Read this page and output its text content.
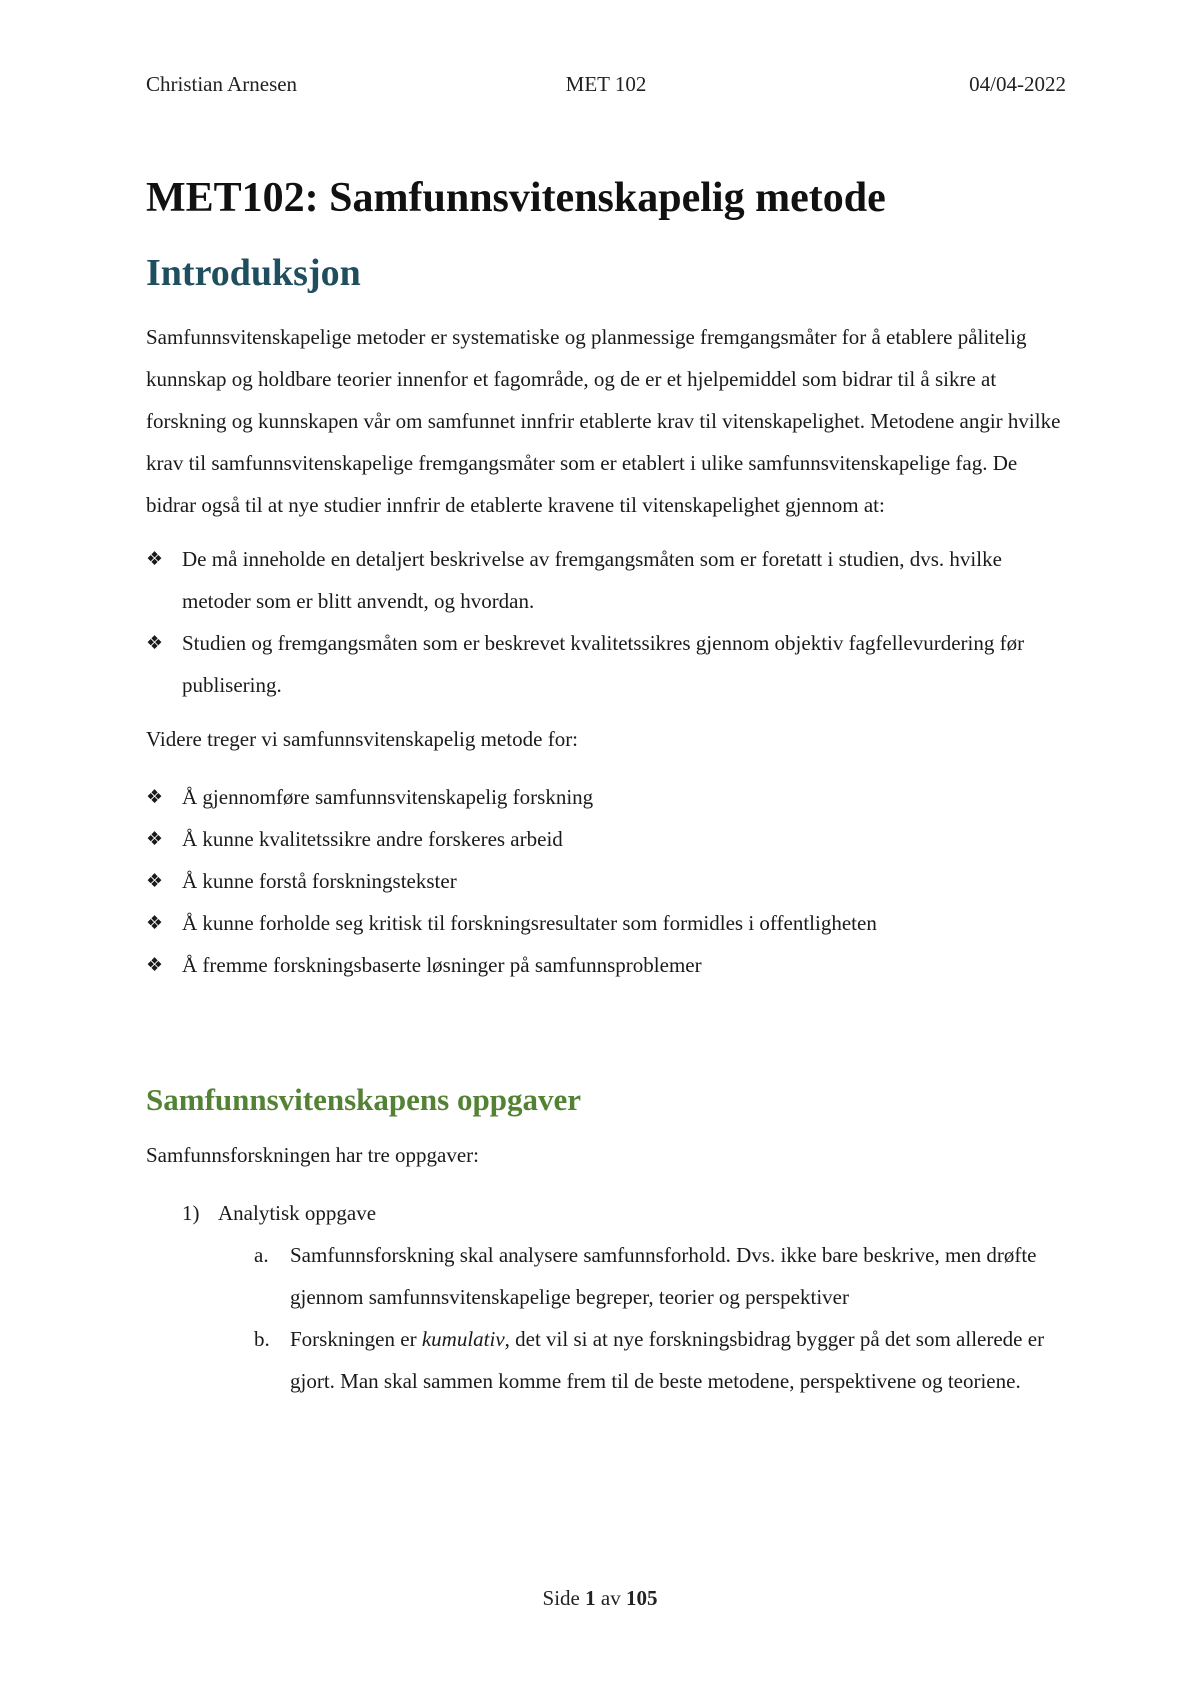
Christian Arnesen	MET 102	04/04-2022
MET102: Samfunnsvitenskapelig metode
Introduksjon

Samfunnsvitenskapelige metoder er systematiske og planmessige fremgangsmåter for å etablere pålitelig kunnskap og holdbare teorier innenfor et fagområde, og de er et hjelpemiddel som bidrar til å sikre at forskning og kunnskapen vår om samfunnet innfrir etablerte krav til vitenskapelighet. Metodene angir hvilke krav til samfunnsvitenskapelige fremgangsmåter som er etablert i ulike samfunnsvitenskapelige fag. De bidrar også til at nye studier innfrir de etablerte kravene til vitenskapelighet gjennom at:

❖ De må inneholde en detaljert beskrivelse av fremgangsmåten som er foretatt i studien, dvs. hvilke metoder som er blitt anvendt, og hvordan.
❖ Studien og fremgangsmåten som er beskrevet kvalitetssikres gjennom objektiv fagfellevurdering før publisering.

Videre treger vi samfunnsvitenskapelig metode for:

❖ Å gjennomføre samfunnsvitenskapelig forskning
❖ Å kunne kvalitetssikre andre forskeres arbeid
❖ Å kunne forstå forskningstekster
❖ Å kunne forholde seg kritisk til forskningsresultater som formidles i offentligheten
❖ Å fremme forskningsbaserte løsninger på samfunnsproblemer
Samfunnsvitenskapens oppgaver

Samfunnsforskningen har tre oppgaver:

1) Analytisk oppgave
a. Samfunnsforskning skal analysere samfunnsforhold. Dvs. ikke bare beskrive, men drøfte gjennom samfunnsvitenskapelige begreper, teorier og perspektiver
b. Forskningen er kumulativ, det vil si at nye forskningsbidrag bygger på det som allerede er gjort. Man skal sammen komme frem til de beste metodene, perspektivene og teoriene.
Side 1 av 105
